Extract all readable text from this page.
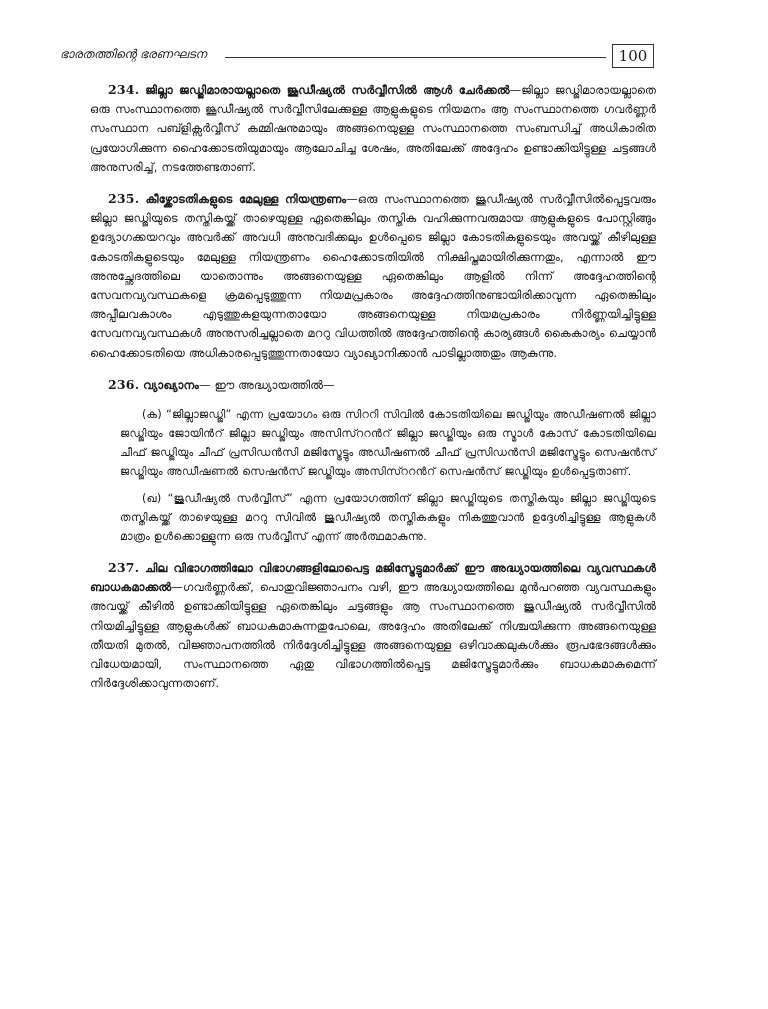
ഭാരതത്തിന്റെ ഭരണഘടന	100

234. ജില്ലാ ജഡ്ജിമാരായല്ലാതെ ജൂഡീഷ്യൽ സർവ്വീസിൽ ആൾ ചേർക്കൽ—ജില്ലാ ജഡ്ജിമാരായല്ലാതെ ഒരു സംസ്ഥാനത്തെ ജൂഡീഷ്യൽ സർവ്വീസിലേക്കുള്ള ആളുകളുടെ നിയമനം ആ സംസ്ഥാനത്തെ ഗവർണ്ണർ സംസ്ഥാന പബ്ളിക്സർവ്വീസ് കമ്മിഷനുമായും അങ്ങനെയുള്ള സംസ്ഥാനത്തെ സംബന്ധിച്ച് അധികാരിത പ്രയോഗിക്കുന്ന ഹൈക്കോടതിയുമായും ആലോചിച്ച ശേഷം, അതിലേക്ക് അദ്ദേഹം ഉണ്ടാക്കിയിട്ടുള്ള ചട്ടങ്ങൾ അനുസരിച്ച്, നടത്തേണ്ടതാണ്.

235. കീഴ്ക്കോടതികളുടെ മേലുള്ള നിയന്ത്രണം—ഒരു സംസ്ഥാനത്തെ ജുഡീഷ്യൽ സർവ്വീസിൽപ്പെട്ടവരും ജില്ലാ ജഡ്ജിയുടെ തസ്തികയ്ക്ക് താഴെയുള്ള ഏതെങ്കിലും തസ്തിക വഹിക്കുന്നവരുമായ ആളുകളുടെ പോസ്റ്റിങ്ങും ഉദ്യോഗക്കയറവും അവർക്ക് അവധി അനുവദിക്കലും ഉൾപ്പെടെ ജില്ലാ കോടതികളുടെയും അവയ്ക്ക് കീഴിലുള്ള കോടതികളുടെയും മേലുള്ള നിയന്ത്രണം ഹൈക്കോടതിയിൽ നിക്ഷിപ്തമായിരിക്കുന്നതും, എന്നാൽ ഈ അനുച്ഛേദത്തിലെ യാതൊന്നും അങ്ങനെയുള്ള ഏതെങ്കിലും ആളിൽ നിന്ന് അദ്ദേഹത്തിന്റെ സേവനവ്യവസ്ഥകളെ ക്രമപ്പെടുത്തുന്ന നിയമപ്രകാരം അദ്ദേഹത്തിനുണ്ടായിരിക്കാവുന്ന ഏതെങ്കിലും അപ്പീലവകാശം എടുത്തുകളയുന്നതായോ അങ്ങനെയുള്ള നിയമപ്രകാരം നിർണ്ണയിച്ചിട്ടുള്ള സേവനവ്യവസ്ഥകൾ അനുസരിച്ചല്ലാതെ മററു വിധത്തിൽ അദ്ദേഹത്തിന്റെ കാര്യങ്ങൾ കൈകാര്യം ചെയ്യാൻ ഹൈക്കോടതിയെ അധികാരപ്പെടുത്തുന്നതായോ വ്യാഖ്യാനിക്കാൻ പാടില്ലാത്തതും ആകുന്നു.

236. വ്യാഖ്യാനം— ഈ അദ്ധ്യായത്തിൽ—

(ക) “ജില്ലാജഡ്ജി” എന്ന പ്രയോഗം ഒരു സിററി സിവിൽ കോടതിയിലെ ജഡ്ജിയും അഡീഷണൽ ജില്ലാ ജഡ്ജിയും ജോയിൻറ് ജില്ലാ ജഡ്ജിയും അസിസ്ററൻറ് ജില്ലാ ജഡ്ജിയും ഒരു സ്മാൾ കോസ് കോടതിയിലെ ചീഫ് ജഡ്ജിയും ചീഫ് പ്രസിഡൻസി മജിസ്ട്രേട്ടും അഡീഷണൽ ചീഫ് പ്രസിഡൻസി മജിസ്ട്രേട്ടും സെഷൻസ് ജഡ്ജിയും അഡീഷണൽ സെഷൻസ് ജഡ്ജിയും അസിസ്ററൻറ് സെഷൻസ് ജഡ്ജിയും ഉൾപ്പെട്ടതാണ്.

(ഖ) “ജുഡീഷ്യൽ സർവ്വീസ്” എന്ന പ്രയോഗത്തിന് ജില്ലാ ജഡ്ജിയുടെ തസ്തികയും ജില്ലാ ജഡ്ജിയുടെ തസ്തികയ്ക്ക് താഴെയുള്ള മററു സിവിൽ ജുഡീഷ്യൽ തസ്തികകളും നികത്തുവാൻ ഉദ്ദേശിച്ചിട്ടുള്ള ആളുകൾ മാത്രം ഉൾക്കൊള്ളുന്ന ഒരു സർവ്വീസ് എന്ന് അർത്ഥമാകുന്നു.

237. ചില വിഭാഗത്തിലോ വിഭാഗങ്ങളിലോപെട്ട മജിസ്ട്രേട്ടുമാർക്ക് ഈ അദ്ധ്യായത്തിലെ വ്യവസ്ഥകൾ ബാധകമാക്കൽ—ഗവർണ്ണർക്ക്, പൊതുവിജ്ഞാപനം വഴി, ഈ അദ്ധ്യായത്തിലെ മുൻപറഞ്ഞ വ്യവസ്ഥകളും അവയ്ക്ക് കീഴിൽ ഉണ്ടാക്കിയിട്ടുള്ള ഏതെങ്കിലും ചട്ടങ്ങളും ആ സംസ്ഥാനത്തെ ജുഡീഷ്യൽ സർവ്വീസിൽ നിയമിച്ചിട്ടുള്ള ആളുകൾക്ക് ബാധകമാകുന്നതുപോലെ, അദ്ദേഹം അതിലേക്ക് നിശ്ചയിക്കുന്ന അങ്ങനെയുള്ള തീയതി മുതൽ, വിജ്ഞാപനത്തിൽ നിർദ്ദേശിച്ചിട്ടുള്ള അങ്ങനെയുള്ള ഒഴിവാക്കലുകൾക്കും രൂപഭേദങ്ങൾക്കും വിധേയമായി, സംസ്ഥാനത്തെ ഏതു വിഭാഗത്തിൽപ്പെട്ട മജിസ്ട്രേട്ടുമാർക്കും ബാധകമാകുമെന്ന് നിർദ്ദേശിക്കാവുന്നതാണ്.
